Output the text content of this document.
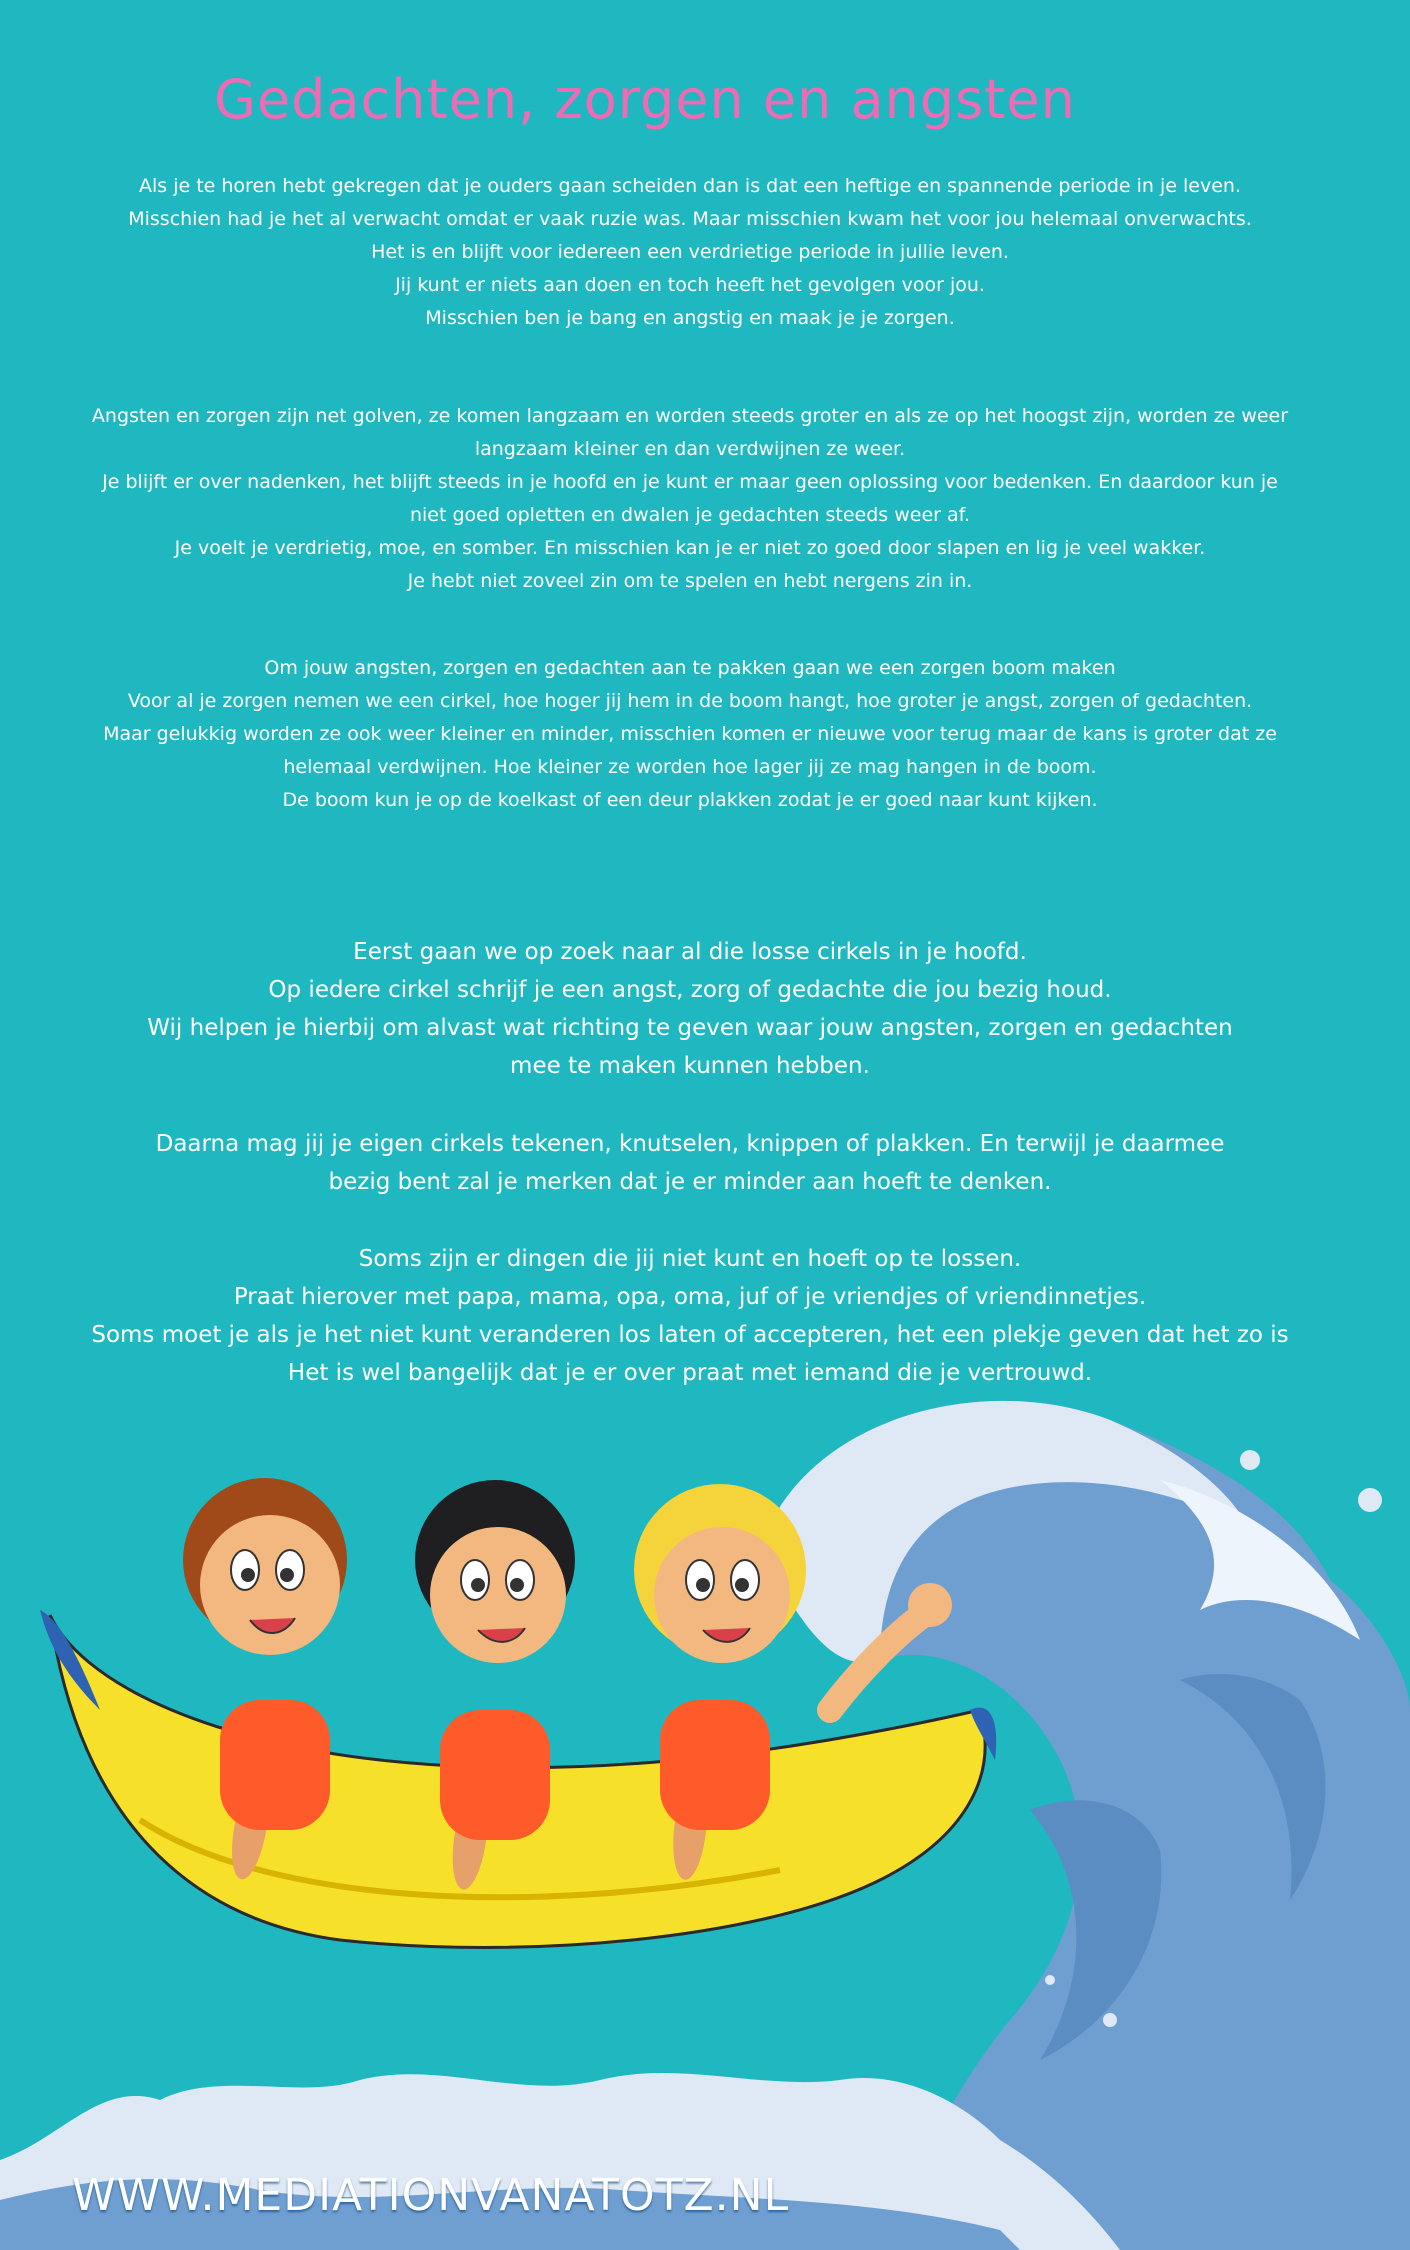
Gedachten, zorgen en angsten
Als je te horen hebt gekregen dat je ouders gaan scheiden dan is dat een heftige en spannende periode in je leven.
Misschien had je het al verwacht omdat er vaak ruzie was. Maar misschien kwam het voor jou helemaal onverwachts.
Het is en blijft voor iedereen een verdrietige periode in jullie leven.
Jij kunt er niets aan doen en toch heeft het gevolgen voor jou.
Misschien ben je bang en angstig en maak je je zorgen.
Angsten en zorgen zijn net golven, ze komen langzaam en worden steeds groter en als ze op het hoogst zijn, worden ze weer
langzaam kleiner en dan verdwijnen ze weer.
Je blijft er over nadenken, het blijft steeds in je hoofd en je kunt er maar geen oplossing voor bedenken. En daardoor kun je
niet goed opletten en dwalen je gedachten steeds weer af.
Je voelt je verdrietig, moe, en somber. En misschien kan je er niet zo goed door slapen en lig je veel wakker.
Je hebt niet zoveel zin om te spelen en hebt nergens zin in.
Om jouw angsten, zorgen en gedachten aan te pakken gaan we een zorgen boom maken
Voor al je zorgen nemen we een cirkel, hoe hoger jij hem in de boom hangt, hoe groter je angst, zorgen of gedachten.
Maar gelukkig worden ze ook weer kleiner en minder, misschien komen er nieuwe voor terug maar de kans is groter dat ze
helemaal verdwijnen. Hoe kleiner ze worden hoe lager jij ze mag hangen in de boom.
De boom kun je op de koelkast of een deur plakken zodat je er goed naar kunt kijken.
Eerst gaan we op zoek naar al die losse cirkels in je hoofd.
Op iedere cirkel schrijf je een angst, zorg of gedachte die jou bezig houd.
Wij helpen je hierbij om alvast wat richting te geven waar jouw angsten, zorgen en gedachten
mee te maken kunnen hebben.
Daarna mag jij je eigen cirkels tekenen, knutselen, knippen of plakken. En terwijl je daarmee
bezig bent zal je merken dat je er minder aan hoeft te denken.
Soms zijn er dingen die jij niet kunt en hoeft op te lossen.
Praat hierover met papa, mama, opa, oma, juf of je vriendjes of vriendinnetjes.
Soms moet je als je het niet kunt veranderen los laten of accepteren, het een plekje geven dat het zo is
Het is wel bangelijk dat je er over praat met iemand die je vertrouwd.
WWW.MEDIATIONVANATOTZ.NL
